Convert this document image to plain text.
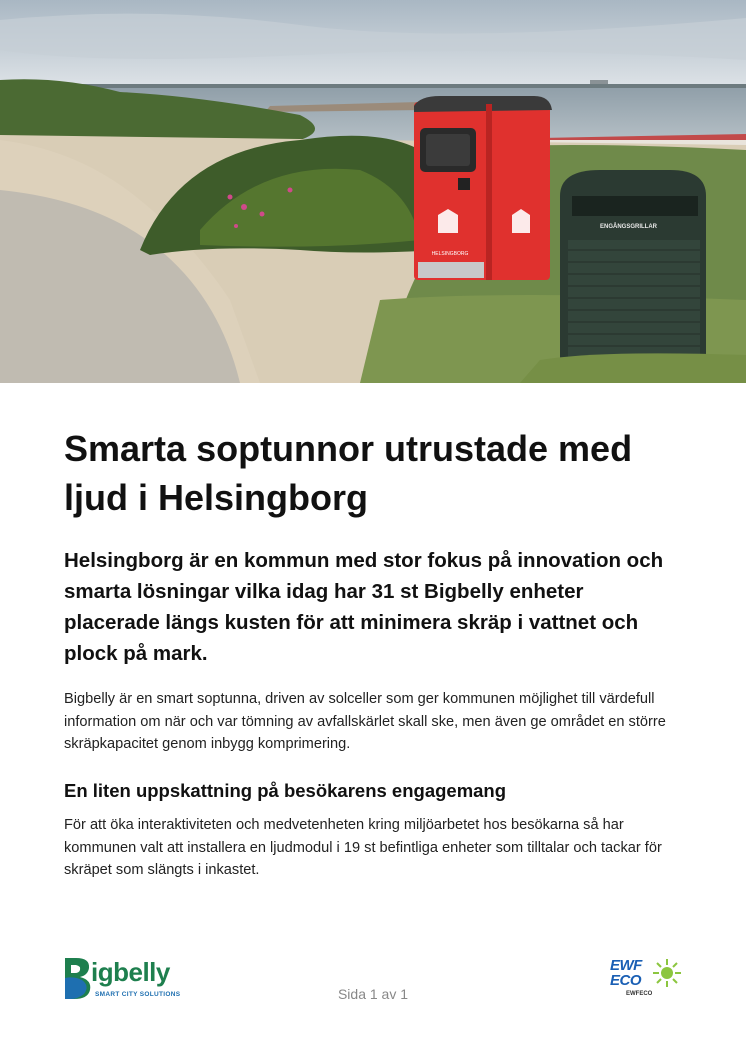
HELSINGBORG
ENGÅNGSGRILLAR
Smarta soptunnor utrustade med ljud i Helsingborg

Helsingborg är en kommun med stor fokus på innovation och smarta lösningar vilka idag har 31 st Bigbelly enheter placerade längs kusten för att minimera skräp i vattnet och plock på mark.

Bigbelly är en smart soptunna, driven av solceller som ger kommunen möjlighet till värdefull information om när och var tömning av avfallskärlet skall ske, men även ge området en större skräpkapacitet genom inbygg komprimering.

En liten uppskattning på besökarens engagemang

För att öka interaktiviteten och medvetenheten kring miljöarbetet hos besökarna så har kommunen valt att installera en ljudmodul i 19 st befintliga enheter som tilltalar och tackar för skräpet som slängts i inkastet.

igbelly
SMART CITY SOLUTIONS	Sida 1 av 1
EWF
ECO
EWFECO
